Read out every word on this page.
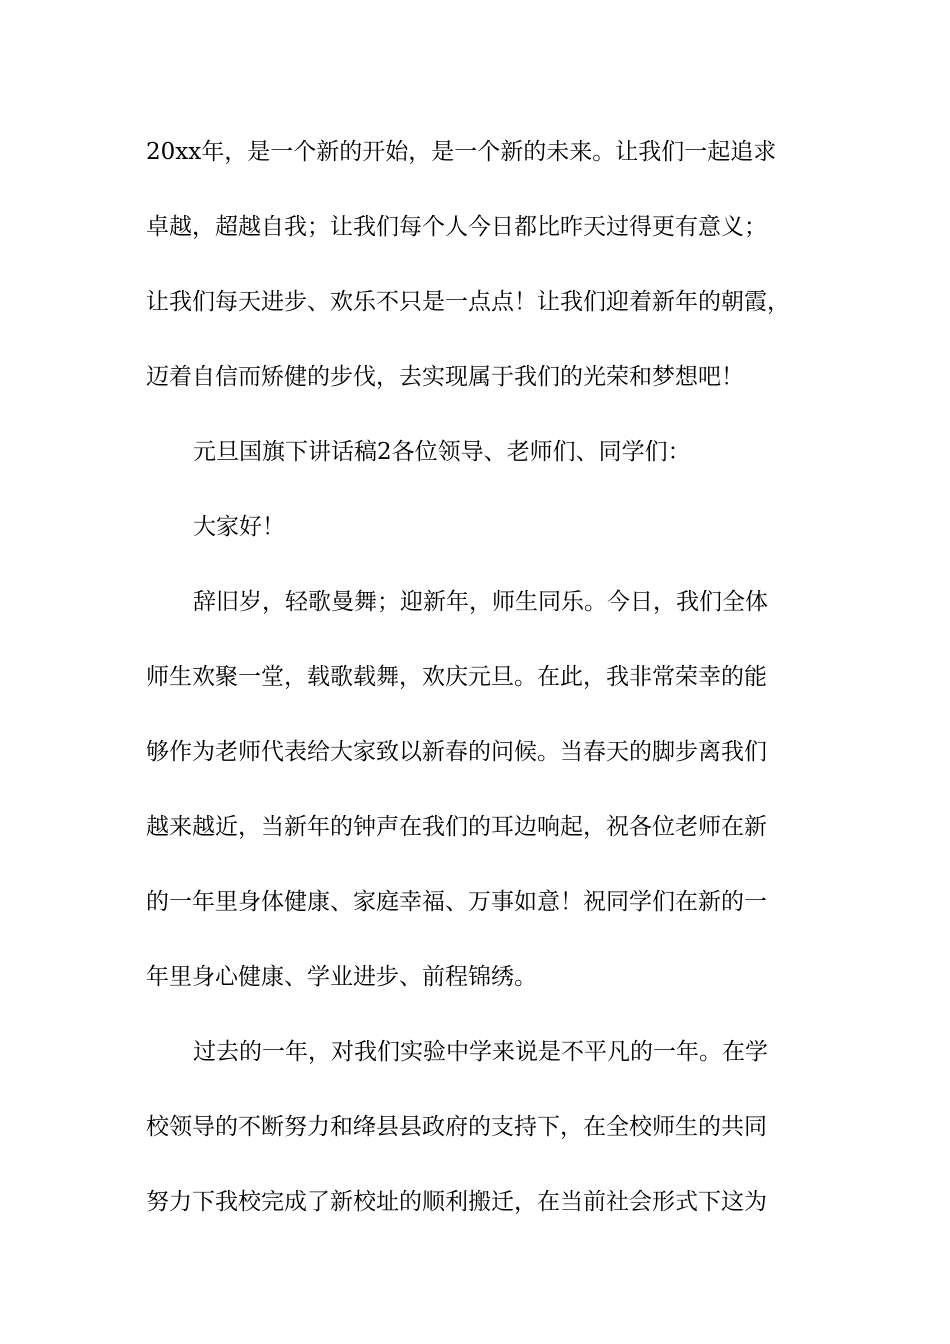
20xx年，是一个新的开始，是一个新的未来。让我们一起追求

卓越，超越自我；让我们每个人今日都比昨天过得更有意义；

让我们每天进步、欢乐不只是一点点！让我们迎着新年的朝霞，

迈着自信而矫健的步伐，去实现属于我们的光荣和梦想吧！

元旦国旗下讲话稿2各位领导、老师们、同学们：

大家好！

辞旧岁，轻歌曼舞；迎新年，师生同乐。今日，我们全体

师生欢聚一堂，载歌载舞，欢庆元旦。在此，我非常荣幸的能

够作为老师代表给大家致以新春的问候。当春天的脚步离我们

越来越近，当新年的钟声在我们的耳边响起，祝各位老师在新

的一年里身体健康、家庭幸福、万事如意！祝同学们在新的一

年里身心健康、学业进步、前程锦绣。

过去的一年，对我们实验中学来说是不平凡的一年。在学

校领导的不断努力和绛县县政府的支持下，在全校师生的共同

努力下我校完成了新校址的顺利搬迁，在当前社会形式下这为
